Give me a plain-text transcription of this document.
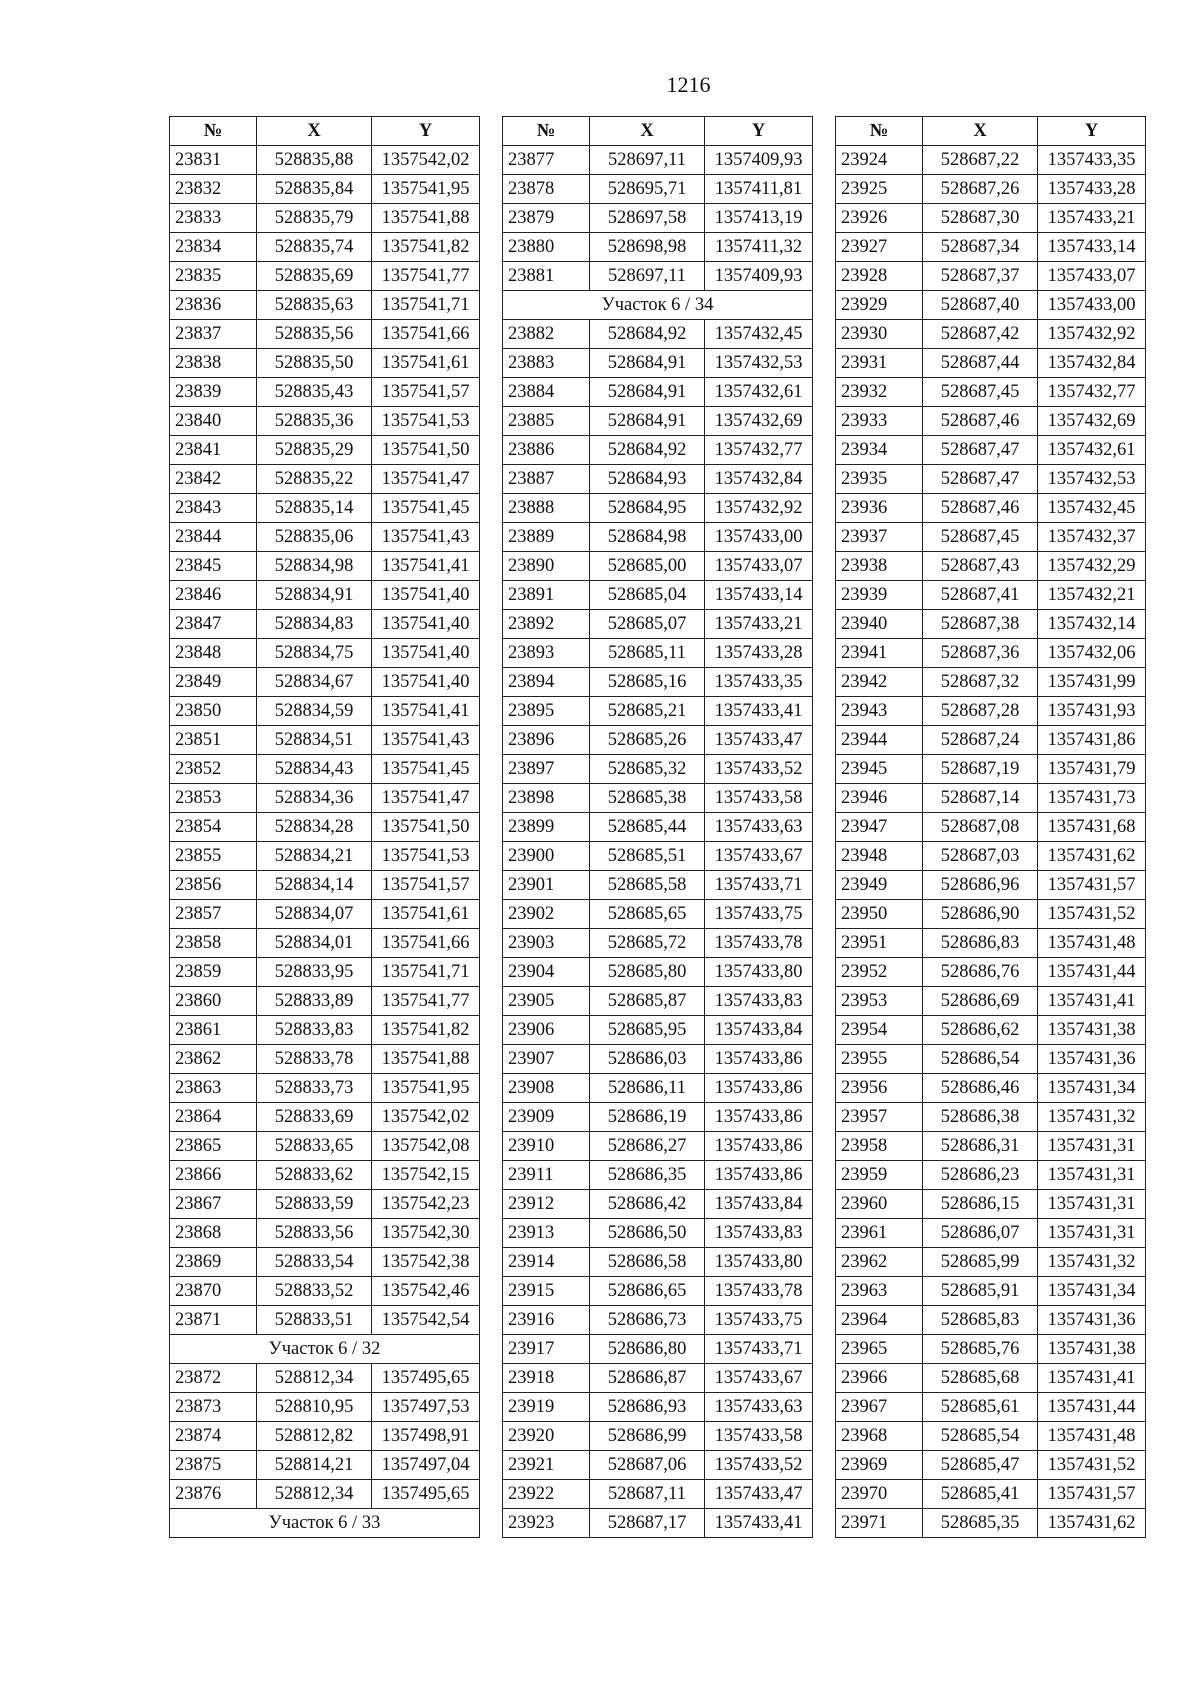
1216
№	X	Y
23831	528835,88	1357542,02
23832	528835,84	1357541,95
23833	528835,79	1357541,88
23834	528835,74	1357541,82
23835	528835,69	1357541,77
23836	528835,63	1357541,71
23837	528835,56	1357541,66
23838	528835,50	1357541,61
23839	528835,43	1357541,57
23840	528835,36	1357541,53
23841	528835,29	1357541,50
23842	528835,22	1357541,47
23843	528835,14	1357541,45
23844	528835,06	1357541,43
23845	528834,98	1357541,41
23846	528834,91	1357541,40
23847	528834,83	1357541,40
23848	528834,75	1357541,40
23849	528834,67	1357541,40
23850	528834,59	1357541,41
23851	528834,51	1357541,43
23852	528834,43	1357541,45
23853	528834,36	1357541,47
23854	528834,28	1357541,50
23855	528834,21	1357541,53
23856	528834,14	1357541,57
23857	528834,07	1357541,61
23858	528834,01	1357541,66
23859	528833,95	1357541,71
23860	528833,89	1357541,77
23861	528833,83	1357541,82
23862	528833,78	1357541,88
23863	528833,73	1357541,95
23864	528833,69	1357542,02
23865	528833,65	1357542,08
23866	528833,62	1357542,15
23867	528833,59	1357542,23
23868	528833,56	1357542,30
23869	528833,54	1357542,38
23870	528833,52	1357542,46
23871	528833,51	1357542,54
Участок 6 / 32		
23872	528812,34	1357495,65
23873	528810,95	1357497,53
23874	528812,82	1357498,91
23875	528814,21	1357497,04
23876	528812,34	1357495,65
Участок 6 / 33		
№	X	Y
23877	528697,11	1357409,93
23878	528695,71	1357411,81
23879	528697,58	1357413,19
23880	528698,98	1357411,32
23881	528697,11	1357409,93
Участок 6 / 34		
23882	528684,92	1357432,45
23883	528684,91	1357432,53
23884	528684,91	1357432,61
23885	528684,91	1357432,69
23886	528684,92	1357432,77
23887	528684,93	1357432,84
23888	528684,95	1357432,92
23889	528684,98	1357433,00
23890	528685,00	1357433,07
23891	528685,04	1357433,14
23892	528685,07	1357433,21
23893	528685,11	1357433,28
23894	528685,16	1357433,35
23895	528685,21	1357433,41
23896	528685,26	1357433,47
23897	528685,32	1357433,52
23898	528685,38	1357433,58
23899	528685,44	1357433,63
23900	528685,51	1357433,67
23901	528685,58	1357433,71
23902	528685,65	1357433,75
23903	528685,72	1357433,78
23904	528685,80	1357433,80
23905	528685,87	1357433,83
23906	528685,95	1357433,84
23907	528686,03	1357433,86
23908	528686,11	1357433,86
23909	528686,19	1357433,86
23910	528686,27	1357433,86
23911	528686,35	1357433,86
23912	528686,42	1357433,84
23913	528686,50	1357433,83
23914	528686,58	1357433,80
23915	528686,65	1357433,78
23916	528686,73	1357433,75
23917	528686,80	1357433,71
23918	528686,87	1357433,67
23919	528686,93	1357433,63
23920	528686,99	1357433,58
23921	528687,06	1357433,52
23922	528687,11	1357433,47
23923	528687,17	1357433,41
№	X	Y
23924	528687,22	1357433,35
23925	528687,26	1357433,28
23926	528687,30	1357433,21
23927	528687,34	1357433,14
23928	528687,37	1357433,07
23929	528687,40	1357433,00
23930	528687,42	1357432,92
23931	528687,44	1357432,84
23932	528687,45	1357432,77
23933	528687,46	1357432,69
23934	528687,47	1357432,61
23935	528687,47	1357432,53
23936	528687,46	1357432,45
23937	528687,45	1357432,37
23938	528687,43	1357432,29
23939	528687,41	1357432,21
23940	528687,38	1357432,14
23941	528687,36	1357432,06
23942	528687,32	1357431,99
23943	528687,28	1357431,93
23944	528687,24	1357431,86
23945	528687,19	1357431,79
23946	528687,14	1357431,73
23947	528687,08	1357431,68
23948	528687,03	1357431,62
23949	528686,96	1357431,57
23950	528686,90	1357431,52
23951	528686,83	1357431,48
23952	528686,76	1357431,44
23953	528686,69	1357431,41
23954	528686,62	1357431,38
23955	528686,54	1357431,36
23956	528686,46	1357431,34
23957	528686,38	1357431,32
23958	528686,31	1357431,31
23959	528686,23	1357431,31
23960	528686,15	1357431,31
23961	528686,07	1357431,31
23962	528685,99	1357431,32
23963	528685,91	1357431,34
23964	528685,83	1357431,36
23965	528685,76	1357431,38
23966	528685,68	1357431,41
23967	528685,61	1357431,44
23968	528685,54	1357431,48
23969	528685,47	1357431,52
23970	528685,41	1357431,57
23971	528685,35	1357431,62
